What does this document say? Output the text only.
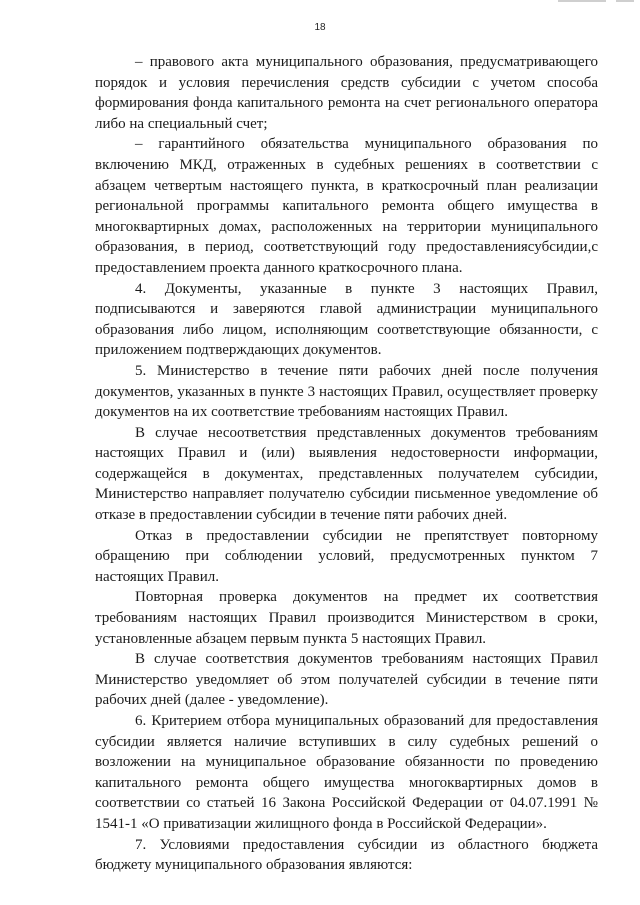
18

– правового акта муниципального образования, предусматривающего порядок и условия перечисления средств субсидии с учетом способа формирования фонда капитального ремонта на счет регионального оператора либо на специальный счет;

– гарантийного обязательства муниципального образования по включению МКД, отраженных в судебных решениях в соответствии с абзацем четвертым настоящего пункта, в краткосрочный план реализации региональной программы капитального ремонта общего имущества в многоквартирных домах, расположенных на территории муниципального образования, в период, соответствующий году предоставлениясубсидии,с предоставлением проекта данного краткосрочного плана.

4. Документы, указанные в пункте 3 настоящих Правил, подписываются и заверяются главой администрации муниципального образования либо лицом, исполняющим соответствующие обязанности, с приложением подтверждающих документов.

5. Министерство в течение пяти рабочих дней после получения документов, указанных в пункте 3 настоящих Правил, осуществляет проверку документов на их соответствие требованиям настоящих Правил.

В случае несоответствия представленных документов требованиям настоящих Правил и (или) выявления недостоверности информации, содержащейся в документах, представленных получателем субсидии, Министерство направляет получателю субсидии письменное уведомление об отказе в предоставлении субсидии в течение пяти рабочих дней.

Отказ в предоставлении субсидии не препятствует повторному обращению при соблюдении условий, предусмотренных пунктом 7 настоящих Правил.

Повторная проверка документов на предмет их соответствия требованиям настоящих Правил производится Министерством в сроки, установленные абзацем первым пункта 5 настоящих Правил.

В случае соответствия документов требованиям настоящих Правил Министерство уведомляет об этом получателей субсидии в течение пяти рабочих дней (далее - уведомление).

6. Критерием отбора муниципальных образований для предоставления субсидии является наличие вступивших в силу судебных решений о возложении на муниципальное образование обязанности по проведению капитального ремонта общего имущества многоквартирных домов в соответствии со статьей 16 Закона Российской Федерации от 04.07.1991 № 1541-1 «О приватизации жилищного фонда в Российской Федерации».

7. Условиями предоставления субсидии из областного бюджета бюджету муниципального образования являются:
